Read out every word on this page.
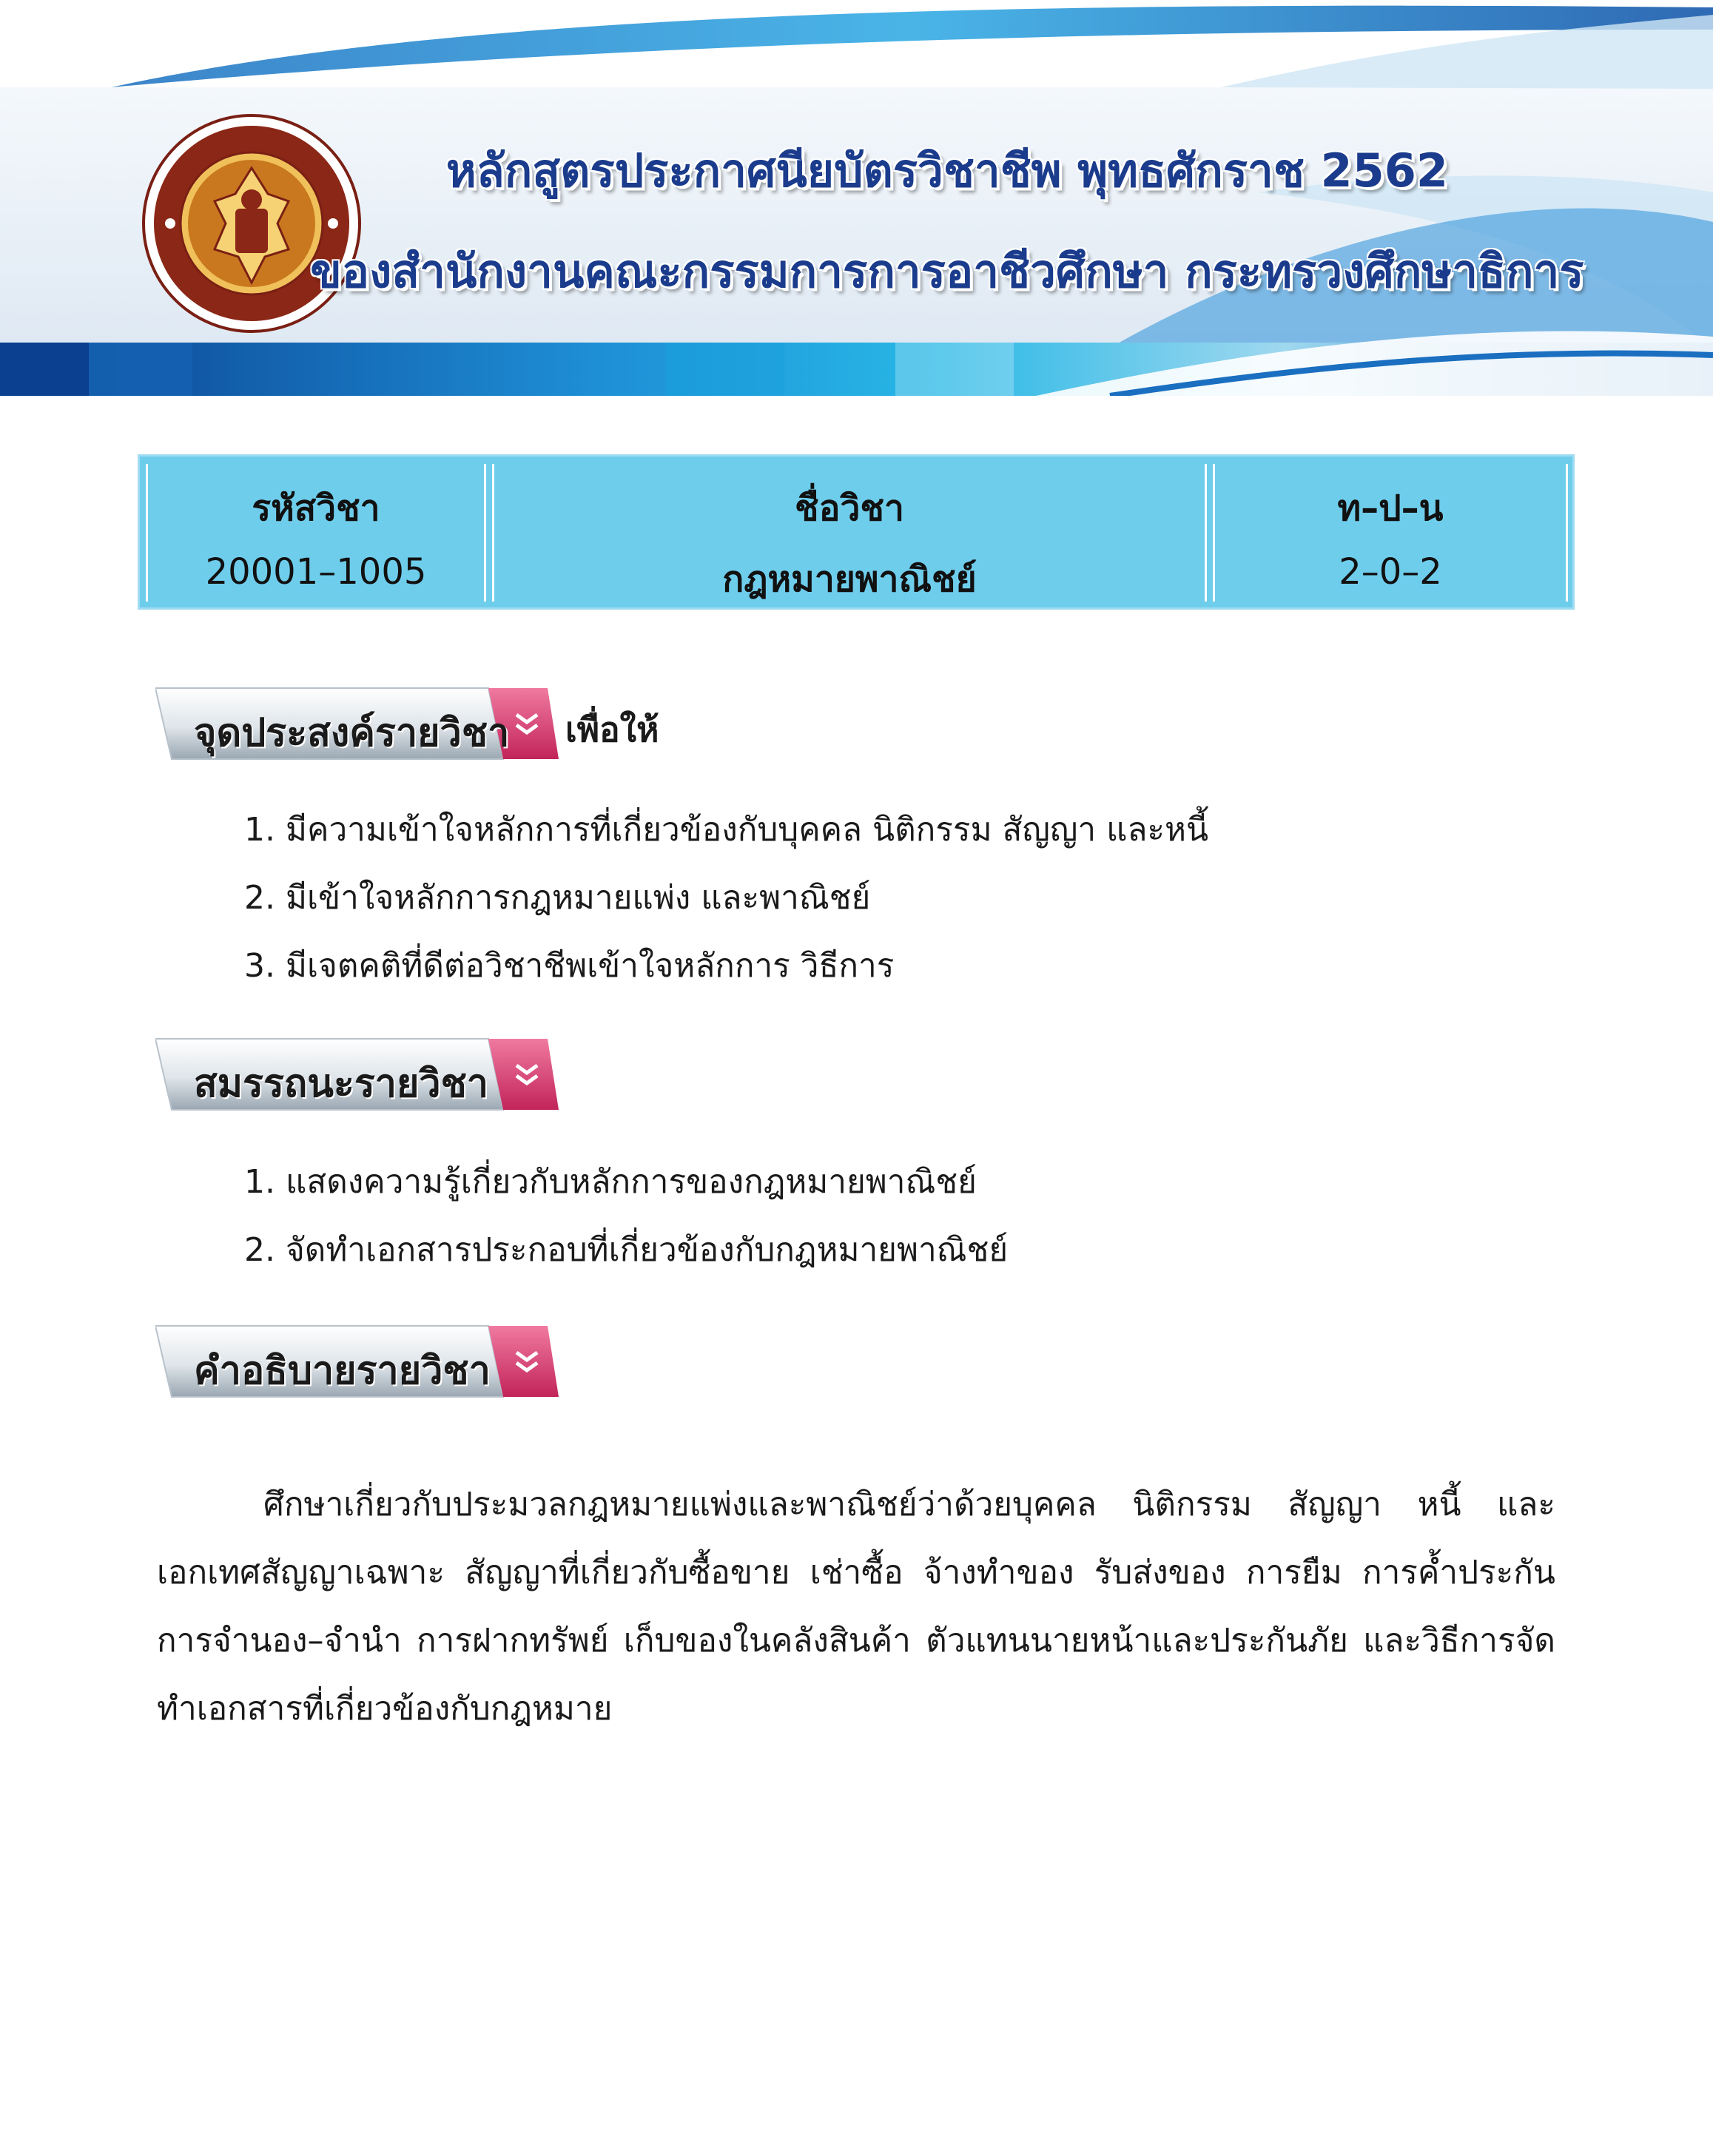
หลักสูตรประกาศนียบัตรวิชาชีพ พุทธศักราช 2562
ของสำนักงานคณะกรรมการการอาชีวศึกษา กระทรวงศึกษาธิการ
รหัสวิชา
20001–1005
ชื่อวิชา
กฎหมายพาณิชย์
ท–ป–น
2–0–2
จุดประสงค์รายวิชา เพื่อให้
1. มีความเข้าใจหลักการที่เกี่ยวข้องกับบุคคล นิติกรรม สัญญา และหนี้
2. มีเข้าใจหลักการกฎหมายแพ่ง และพาณิชย์
3. มีเจตคติที่ดีต่อวิชาชีพเข้าใจหลักการ วิธีการ
สมรรถนะรายวิชา
1. แสดงความรู้เกี่ยวกับหลักการของกฎหมายพาณิชย์
2. จัดทำเอกสารประกอบที่เกี่ยวข้องกับกฎหมายพาณิชย์
คำอธิบายรายวิชา

ศึกษาเกี่ยวกับประมวลกฎหมายแพ่งและพาณิชย์ว่าด้วยบุคคล นิติกรรม สัญญา หนี้ และเอกเทศสัญญาเฉพาะ สัญญาที่เกี่ยวกับซื้อขาย เช่าซื้อ จ้างทำของ รับส่งของ การยืม การค้ำประกัน การจำนอง–จำนำ การฝากทรัพย์ เก็บของในคลังสินค้า ตัวแทนนายหน้าและประกันภัย และวิธีการจัดทำเอกสารที่เกี่ยวข้องกับกฎหมาย
